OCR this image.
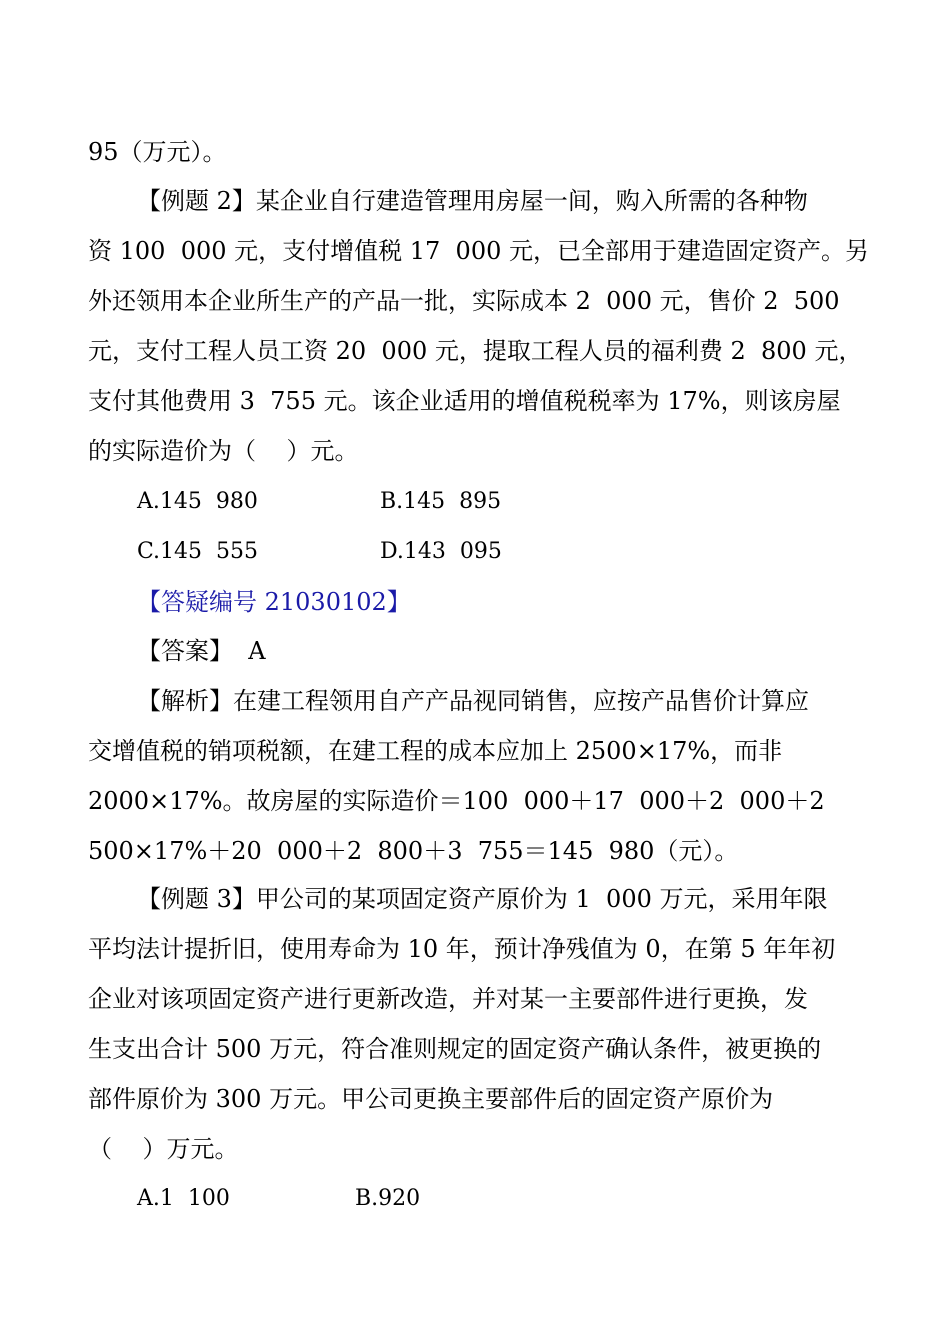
95（万元）。
【例题 2】某企业自行建造管理用房屋一间，购入所需的各种物
资 100  000 元，支付增值税 17  000 元，已全部用于建造固定资产。另
外还领用本企业所生产的产品一批，实际成本 2  000 元，售价 2  500
元，支付工程人员工资 20  000 元，提取工程人员的福利费 2  800 元，
支付其他费用 3  755 元。该企业适用的增值税税率为 17%，则该房屋
的实际造价为（    ）元。
A.145  980	B.145  895
C.145  555	D.143  095
【答疑编号 21030102】
【答案】  A
【解析】在建工程领用自产产品视同销售，应按产品售价计算应
交增值税的销项税额，在建工程的成本应加上 2500×17%，而非
2000×17%。故房屋的实际造价＝100  000＋17  000＋2  000＋2
500×17%＋20  000＋2  800＋3  755＝145  980（元）。
【例题 3】甲公司的某项固定资产原价为 1  000 万元，采用年限
平均法计提折旧，使用寿命为 10 年，预计净残值为 0，在第 5 年年初
企业对该项固定资产进行更新改造，并对某一主要部件进行更换，发
生支出合计 500 万元，符合准则规定的固定资产确认条件，被更换的
部件原价为 300 万元。甲公司更换主要部件后的固定资产原价为
（    ）万元。
A.1  100	B.920
